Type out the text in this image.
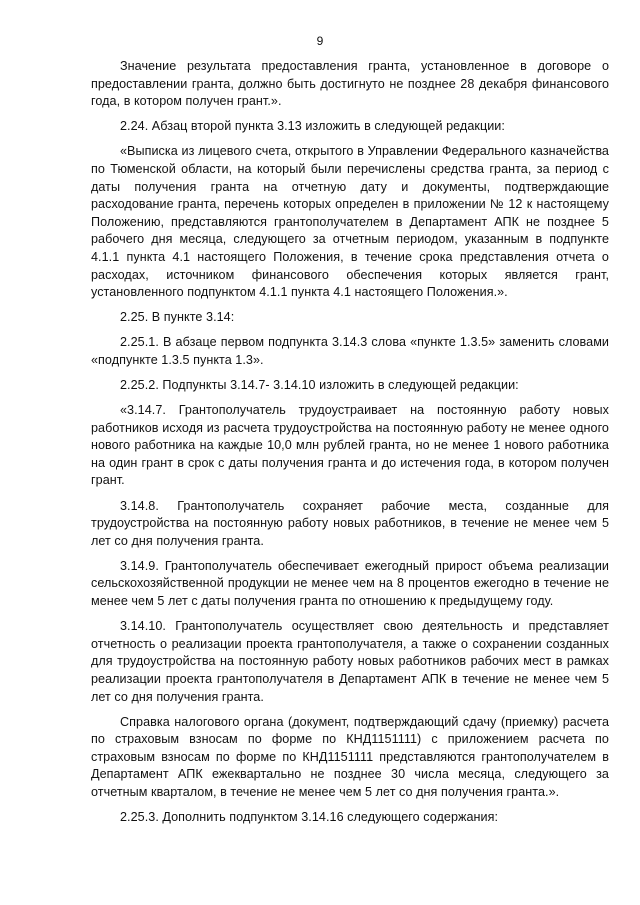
9

Значение результата предоставления гранта, установленное в договоре о предоставлении гранта, должно быть достигнуто не позднее 28 декабря финансового года, в котором получен грант.».

2.24. Абзац второй пункта 3.13 изложить в следующей редакции:

«Выписка из лицевого счета, открытого в Управлении Федерального казначейства по Тюменской области, на который были перечислены средства гранта, за период с даты получения гранта на отчетную дату и документы, подтверждающие расходование гранта, перечень которых определен в приложении № 12 к настоящему Положению, представляются грантополучателем в Департамент АПК не позднее 5 рабочего дня месяца, следующего за отчетным периодом, указанным в подпункте 4.1.1 пункта 4.1 настоящего Положения, в течение срока представления отчета о расходах, источником финансового обеспечения которых является грант, установленного подпунктом 4.1.1 пункта 4.1 настоящего Положения.».

2.25. В пункте 3.14:

2.25.1. В абзаце первом подпункта 3.14.3 слова «пункте 1.3.5» заменить словами «подпункте 1.3.5 пункта 1.3».

2.25.2. Подпункты 3.14.7- 3.14.10 изложить в следующей редакции:

«3.14.7. Грантополучатель трудоустраивает на постоянную работу новых работников исходя из расчета трудоустройства на постоянную работу не менее одного нового работника на каждые 10,0 млн рублей гранта, но не менее 1 нового работника на один грант в срок с даты получения гранта и до истечения года, в котором получен грант.

3.14.8. Грантополучатель сохраняет рабочие места, созданные для трудоустройства на постоянную работу новых работников, в течение не менее чем 5 лет со дня получения гранта.

3.14.9. Грантополучатель обеспечивает ежегодный прирост объема реализации сельскохозяйственной продукции не менее чем на 8 процентов ежегодно в течение не менее чем 5 лет с даты получения гранта по отношению к предыдущему году.

3.14.10. Грантополучатель осуществляет свою деятельность и представляет отчетность о реализации проекта грантополучателя, а также о сохранении созданных для трудоустройства на постоянную работу новых работников рабочих мест в рамках реализации проекта грантополучателя в Департамент АПК в течение не менее чем 5 лет со дня получения гранта.

Справка налогового органа (документ, подтверждающий сдачу (приемку) расчета по страховым взносам по форме по КНД1151111) с приложением расчета по страховым взносам по форме по КНД1151111 представляются грантополучателем в Департамент АПК ежеквартально не позднее 30 числа месяца, следующего за отчетным кварталом, в течение не менее чем 5 лет со дня получения гранта.».

2.25.3. Дополнить подпунктом 3.14.16 следующего содержания:
